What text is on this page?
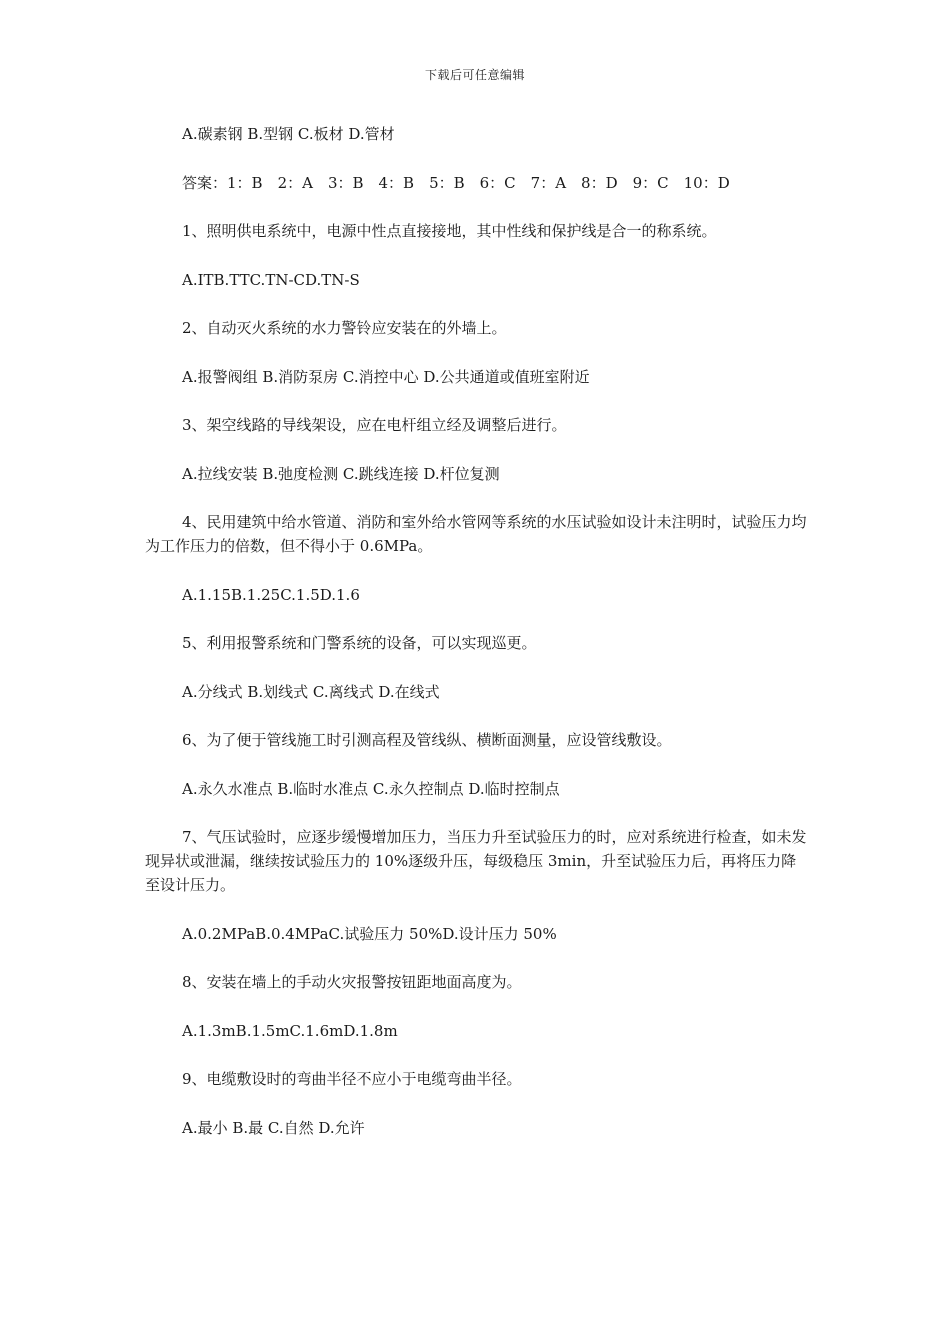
下载后可任意编辑

A.碳素钢 B.型钢 C.板材 D.管材

答案：1：B　2：A　3：B　4：B　5：B　6：C　7：A　8：D　9：C　10：D

1、照明供电系统中，电源中性点直接接地，其中性线和保护线是合一的称系统。

A.ITB.TTC.TN-CD.TN-S

2、自动灭火系统的水力警铃应安装在的外墙上。

A.报警阀组 B.消防泵房 C.消控中心 D.公共通道或值班室附近

3、架空线路的导线架设，应在电杆组立经及调整后进行。

A.拉线安装 B.弛度检测 C.跳线连接 D.杆位复测

4、民用建筑中给水管道、消防和室外给水管网等系统的水压试验如设计未注明时，试验压力均为工作压力的倍数，但不得小于 0.6MPa。

A.1.15B.1.25C.1.5D.1.6

5、利用报警系统和门警系统的设备，可以实现巡更。

A.分线式 B.划线式 C.离线式 D.在线式

6、为了便于管线施工时引测高程及管线纵、横断面测量，应设管线敷设。

A.永久水准点 B.临时水准点 C.永久控制点 D.临时控制点

7、气压试验时，应逐步缓慢增加压力，当压力升至试验压力的时，应对系统进行检查，如未发现异状或泄漏，继续按试验压力的 10%逐级升压，每级稳压 3min，升至试验压力后，再将压力降至设计压力。

A.0.2MPaB.0.4MPaC.试验压力 50%D.设计压力 50%

8、安装在墙上的手动火灾报警按钮距地面高度为。

A.1.3mB.1.5mC.1.6mD.1.8m

9、电缆敷设时的弯曲半径不应小于电缆弯曲半径。

A.最小 B.最 C.自然 D.允许
